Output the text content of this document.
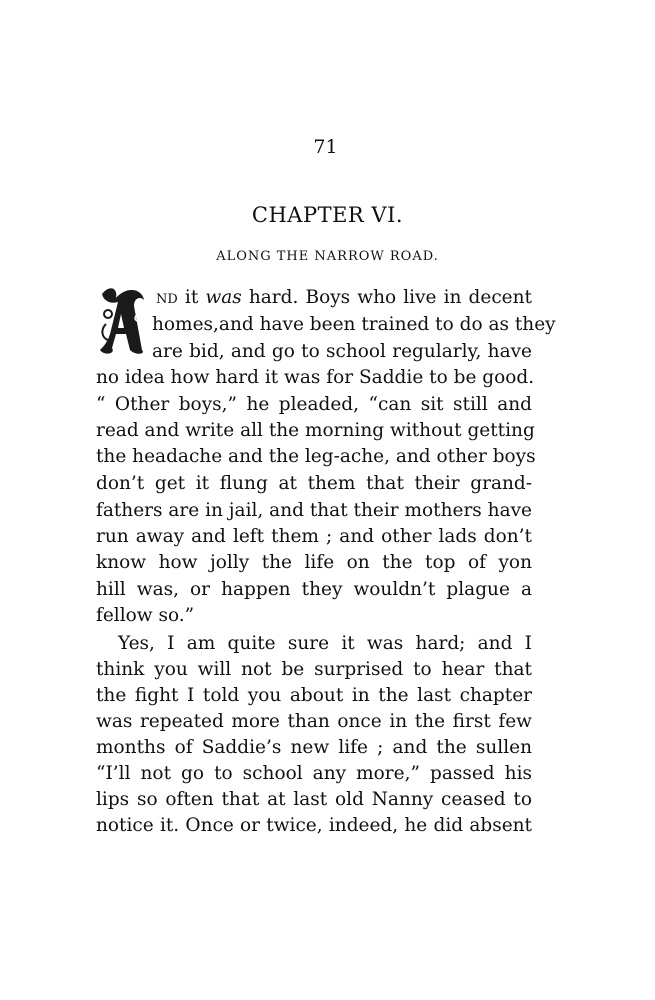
71
CHAPTER VI.
ALONG THE NARROW ROAD.
ND it was hard. Boys who live in decent
homes,and have been trained to do as they
are bid, and go to school regularly, have
no idea how hard it was for Saddie to be good.
“ Other boys,” he pleaded, “can sit still and
read and write all the morning without getting
the headache and the leg-ache, and other boys
don’t get it flung at them that their grand-
fathers are in jail, and that their mothers have
run away and left them ; and other lads don’t
know how jolly the life on the top of yon
hill was, or happen they wouldn’t plague a
fellow so.”
Yes, I am quite sure it was hard; and I
think you will not be surprised to hear that
the fight I told you about in the last chapter
was repeated more than once in the first few
months of Saddie’s new life ; and the sullen
“I’ll not go to school any more,” passed his
lips so often that at last old Nanny ceased to
notice it. Once or twice, indeed, he did absent
